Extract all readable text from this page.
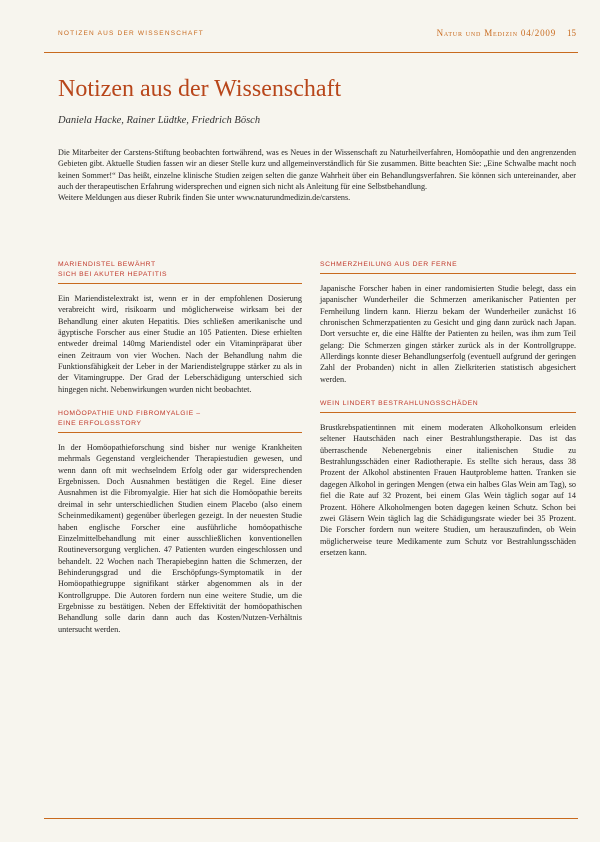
NOTIZEN AUS DER WISSENSCHAFT	Natur und Medizin 04/2009 15
Notizen aus der Wissenschaft
Daniela Hacke, Rainer Lüdtke, Friedrich Bösch

Die Mitarbeiter der Carstens-Stiftung beobachten fortwährend, was es Neues in der Wissenschaft zu Naturheilverfahren, Homöopathie und den angrenzenden Gebieten gibt. Aktuelle Studien fassen wir an dieser Stelle kurz und allgemeinverständlich für Sie zusammen. Bitte beachten Sie: „Eine Schwalbe macht noch keinen Sommer!“ Das heißt, einzelne klinische Studien zeigen selten die ganze Wahrheit über ein Behandlungsverfahren. Sie können sich untereinander, aber auch der therapeutischen Erfahrung widersprechen und eignen sich nicht als Anleitung für eine Selbstbehandlung.

Weitere Meldungen aus dieser Rubrik finden Sie unter www.naturundmedizin.de/carstens.

MARIENDISTEL BEWÄHRT
SICH BEI AKUTER HEPATITIS

Ein Mariendistelextrakt ist, wenn er in der empfohlenen Dosierung verabreicht wird, risikoarm und möglicherweise wirksam bei der Behandlung einer akuten Hepatitis. Dies schließen amerikanische und ägyptische Forscher aus einer Studie an 105 Patienten. Diese erhielten entweder dreimal 140mg Mariendistel oder ein Vitaminpräparat über einen Zeitraum von vier Wochen. Nach der Behandlung nahm die Funktionsfähigkeit der Leber in der Mariendistelgruppe stärker zu als in der Vitamingruppe. Der Grad der Leberschädigung unterschied sich hingegen nicht. Nebenwirkungen wurden nicht beobachtet.

HOMÖOPATHIE UND FIBROMYALGIE –
EINE ERFOLGSSTORY

In der Homöopathieforschung sind bisher nur wenige Krankheiten mehrmals Gegenstand vergleichender Therapiestudien gewesen, und wenn dann oft mit wechselndem Erfolg oder gar widersprechenden Ergebnissen. Doch Ausnahmen bestätigen die Regel. Eine dieser Ausnahmen ist die Fibromyalgie. Hier hat sich die Homöopathie bereits dreimal in sehr unterschiedlichen Studien einem Placebo (also einem Scheinmedikament) gegenüber überlegen gezeigt. In der neuesten Studie haben englische Forscher eine ausführliche homöopathische Einzelmittelbehandlung mit einer ausschließlichen konventionellen Routineversorgung verglichen. 47 Patienten wurden eingeschlossen und behandelt. 22 Wochen nach Therapiebeginn hatten die Schmerzen, der Behinderungsgrad und die Erschöpfungs-Symptomatik in der Homöopathiegruppe signifikant stärker abgenommen als in der Kontrollgruppe. Die Autoren fordern nun eine weitere Studie, um die Ergebnisse zu bestätigen. Neben der Effektivität der homöopathischen Behandlung solle darin dann auch das Kosten/Nutzen-Verhältnis untersucht werden.

SCHMERZHEILUNG AUS DER FERNE

Japanische Forscher haben in einer randomisierten Studie belegt, dass ein japanischer Wunderheiler die Schmerzen amerikanischer Patienten per Fernheilung lindern kann. Hierzu bekam der Wunderheiler zunächst 16 chronischen Schmerzpatienten zu Gesicht und ging dann zurück nach Japan. Dort versuchte er, die eine Hälfte der Patienten zu heilen, was ihm zum Teil gelang: Die Schmerzen gingen stärker zurück als in der Kontrollgruppe. Allerdings konnte dieser Behandlungserfolg (eventuell aufgrund der geringen Zahl der Probanden) nicht in allen Zielkriterien statistisch abgesichert werden.

WEIN LINDERT BESTRAHLUNGSSCHÄDEN

Brustkrebspatientinnen mit einem moderaten Alkoholkonsum erleiden seltener Hautschäden nach einer Bestrahlungstherapie. Das ist das überraschende Nebenergebnis einer italienischen Studie zu Bestrahlungsschäden einer Radiotherapie. Es stellte sich heraus, dass 38 Prozent der Alkohol abstinenten Frauen Hautprobleme hatten. Tranken sie dagegen Alkohol in geringen Mengen (etwa ein halbes Glas Wein am Tag), so fiel die Rate auf 32 Prozent, bei einem Glas Wein täglich sogar auf 14 Prozent. Höhere Alkoholmengen boten dagegen keinen Schutz. Schon bei zwei Gläsern Wein täglich lag die Schädigungsrate wieder bei 35 Prozent. Die Forscher fordern nun weitere Studien, um herauszufinden, ob Wein möglicherweise teure Medikamente zum Schutz vor Bestrahlungsschäden ersetzen kann.
